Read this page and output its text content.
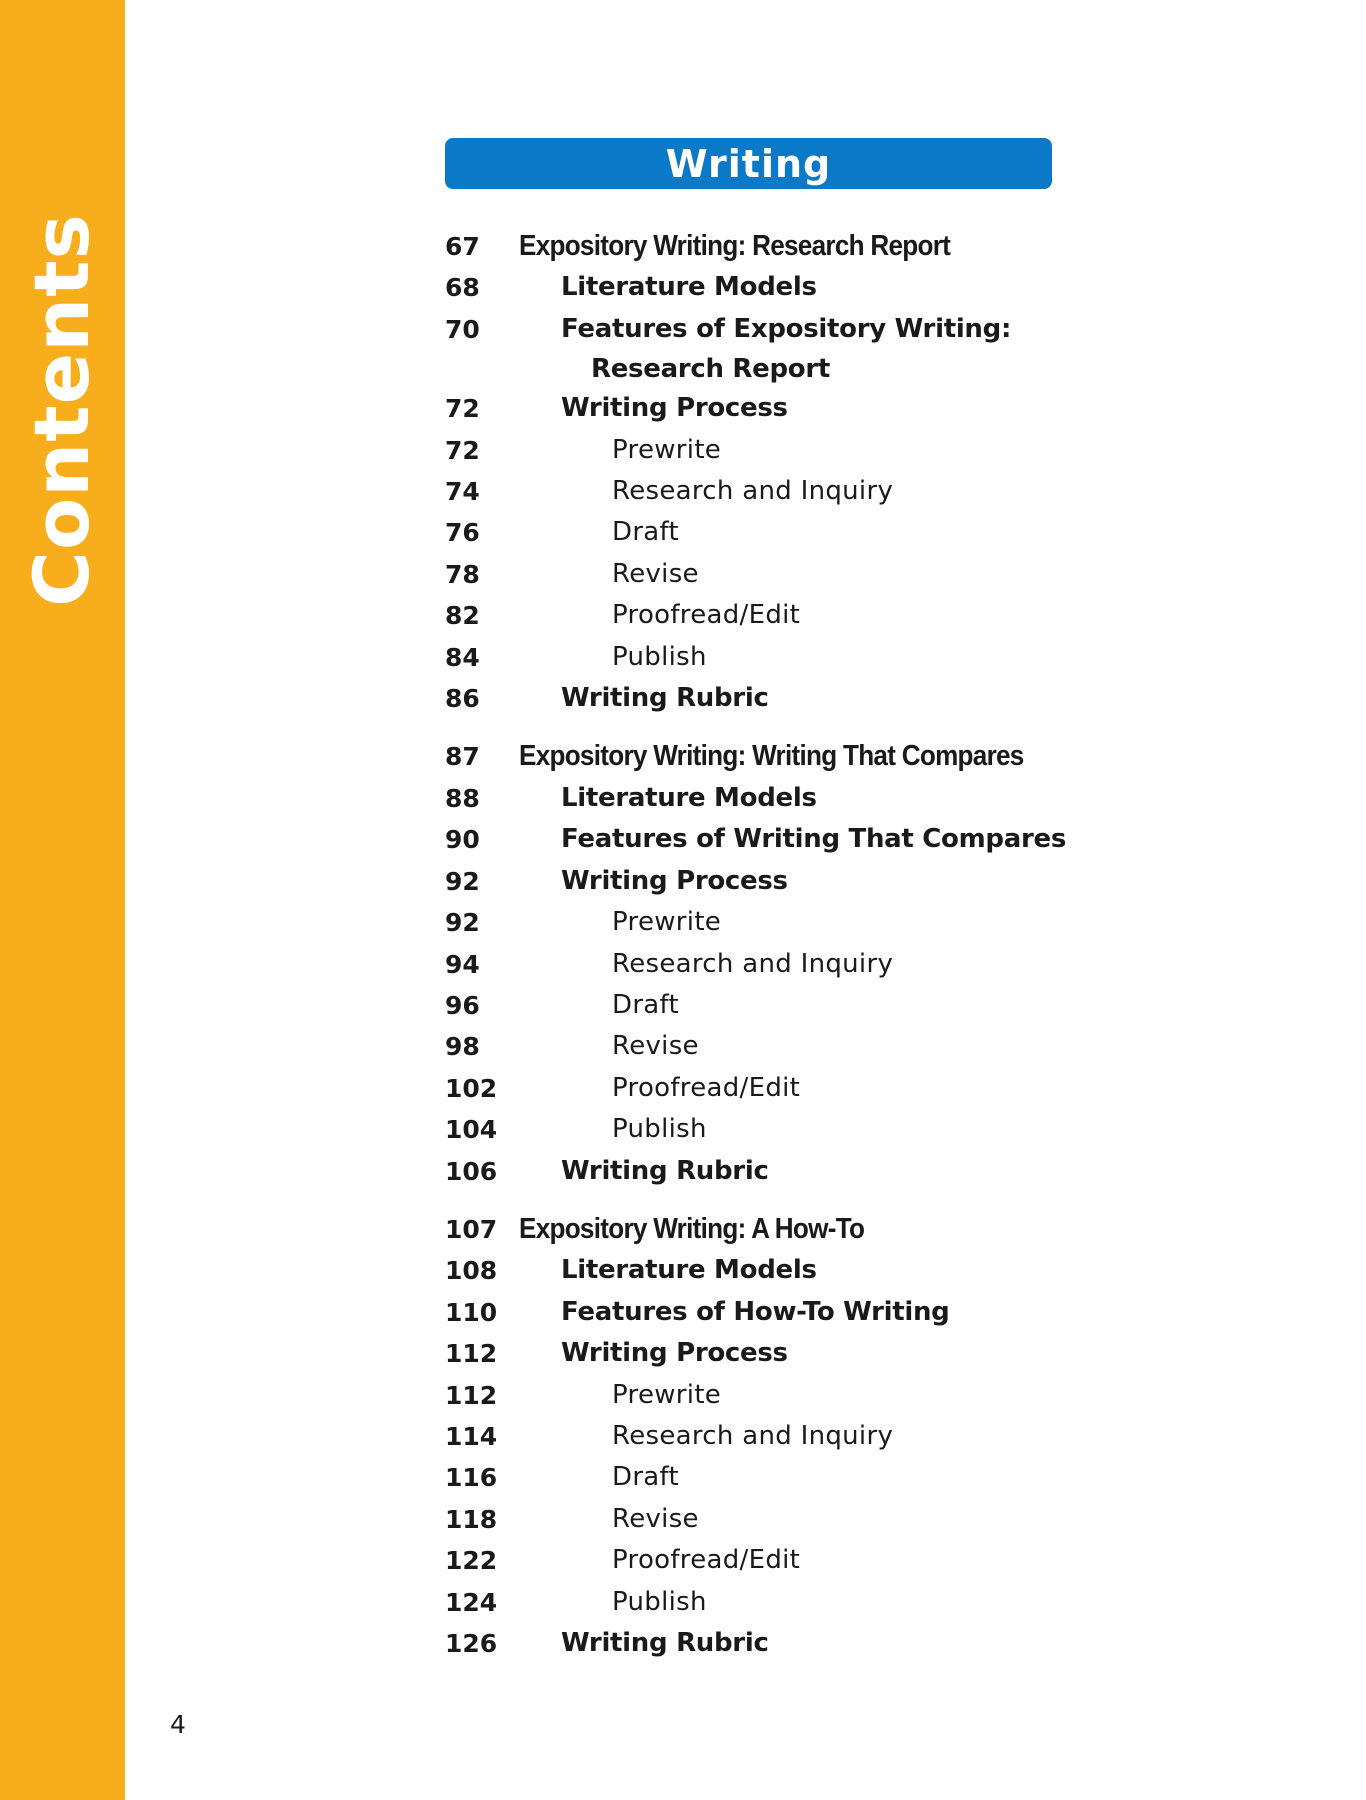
Contents
Writing
67 Expository Writing: Research Report
68	Literature Models
70	Features of Expository Writing:
Research Report
72	Writing Process
72	Prewrite
74	Research and Inquiry
76	Draft
78	Revise
82	Proofread/Edit
84	Publish
86	Writing Rubric
87 Expository Writing: Writing That Compares
88	Literature Models
90	Features of Writing That Compares
92	Writing Process
92	Prewrite
94	Research and Inquiry
96	Draft
98	Revise
102	Proofread/Edit
104	Publish
106 Writing Rubric
107 Expository Writing: A How-To
108 Literature Models
110 Features of How-To Writing
112 Writing Process
112	Prewrite
114	Research and Inquiry
116	Draft
118	Revise
122	Proofread/Edit
124	Publish
126 Writing Rubric
4
